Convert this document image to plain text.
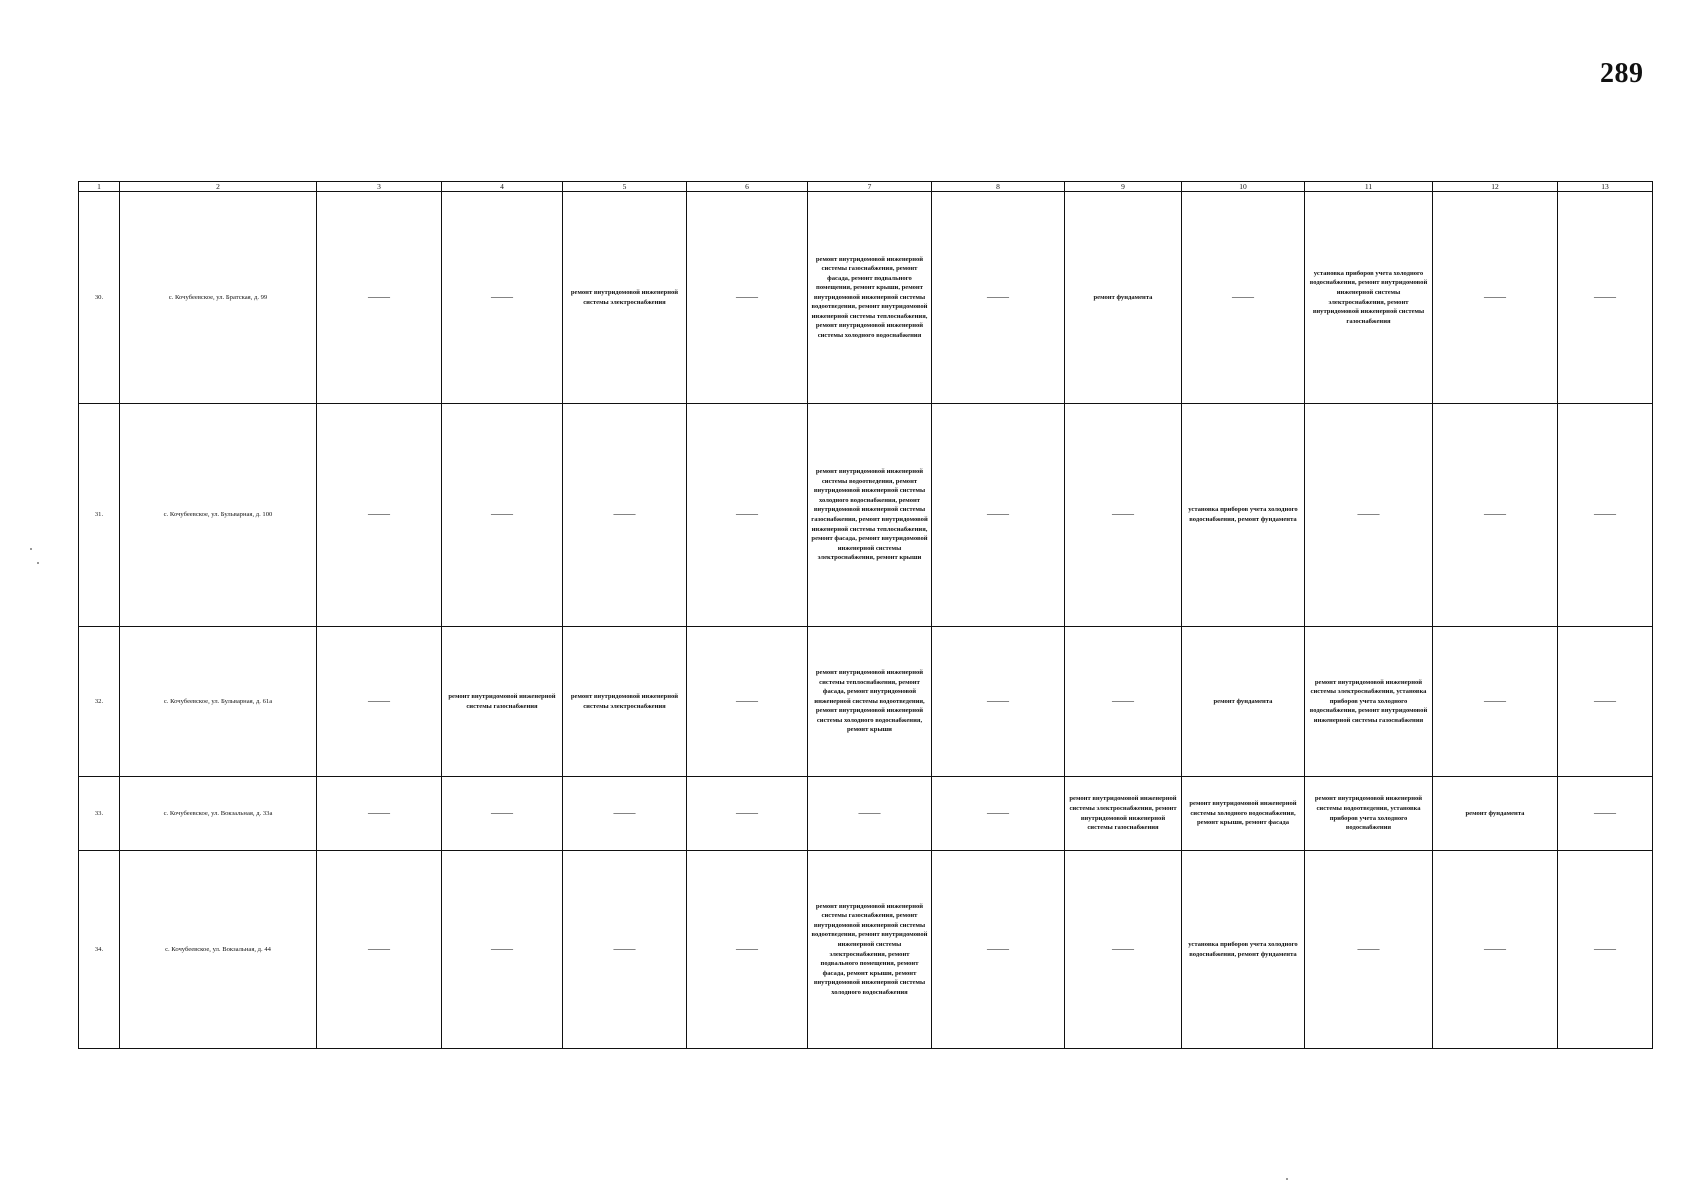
289
1	2	3	4	5	6	7	8	9	10	11	12	13
30.	с. Кочубеевское, ул. Братская, д. 99	——	——	ремонт внутридомовой инженерной системы электроснабжения	——	ремонт внутридомовой инженерной системы газоснабжения, ремонт фасада, ремонт подвального помещения, ремонт крыши, ремонт внутридомовой инженерной системы водоотведения, ремонт внутридомовой инженерной системы теплоснабжения, ремонт внутридомовой инженерной системы холодного водоснабжения	——	ремонт фундамента	——	установка приборов учета холодного водоснабжения, ремонт внутридомовой инженерной системы электроснабжения, ремонт внутридомовой инженерной системы газоснабжения	——	——
31.	с. Кочубеевское, ул. Бульварная, д. 100	——	——	——	——	ремонт внутридомовой инженерной системы водоотведения, ремонт внутридомовой инженерной системы холодного водоснабжения, ремонт внутридомовой инженерной системы газоснабжения, ремонт внутридомовой инженерной системы теплоснабжения, ремонт фасада, ремонт внутридомовой инженерной системы электроснабжения, ремонт крыши	——	——	установка приборов учета холодного водоснабжения, ремонт фундамента	——	——	——
32.	с. Кочубеевское, ул. Бульварная, д. 61а	——	ремонт внутридомовой инженерной системы газоснабжения	ремонт внутридомовой инженерной системы электроснабжения	——	ремонт внутридомовой инженерной системы теплоснабжения, ремонт фасада, ремонт внутридомовой инженерной системы водоотведения, ремонт внутридомовой инженерной системы холодного водоснабжения, ремонт крыши	——	——	ремонт фундамента	ремонт внутридомовой инженерной системы электроснабжения, установка приборов учета холодного водоснабжения, ремонт внутридомовой инженерной системы газоснабжения	——	——
33.	с. Кочубеевское, ул. Вокзальная, д. 33а	——	——	——	——	——	——	ремонт внутридомовой инженерной системы электроснабжения, ремонт внутридомовой инженерной системы газоснабжения	ремонт внутридомовой инженерной системы холодного водоснабжения, ремонт крыши, ремонт фасада	ремонт внутридомовой инженерной системы водоотведения, установка приборов учета холодного водоснабжения	ремонт фундамента	——
34.	с. Кочубеевское, ул. Вокзальная, д. 44	——	——	——	——	ремонт внутридомовой инженерной системы газоснабжения, ремонт внутридомовой инженерной системы водоотведения, ремонт внутридомовой инженерной системы электроснабжения, ремонт подвального помещения, ремонт фасада, ремонт крыши, ремонт внутридомовой инженерной системы холодного водоснабжения	——	——	установка приборов учета холодного водоснабжения, ремонт фундамента	——	——	——
